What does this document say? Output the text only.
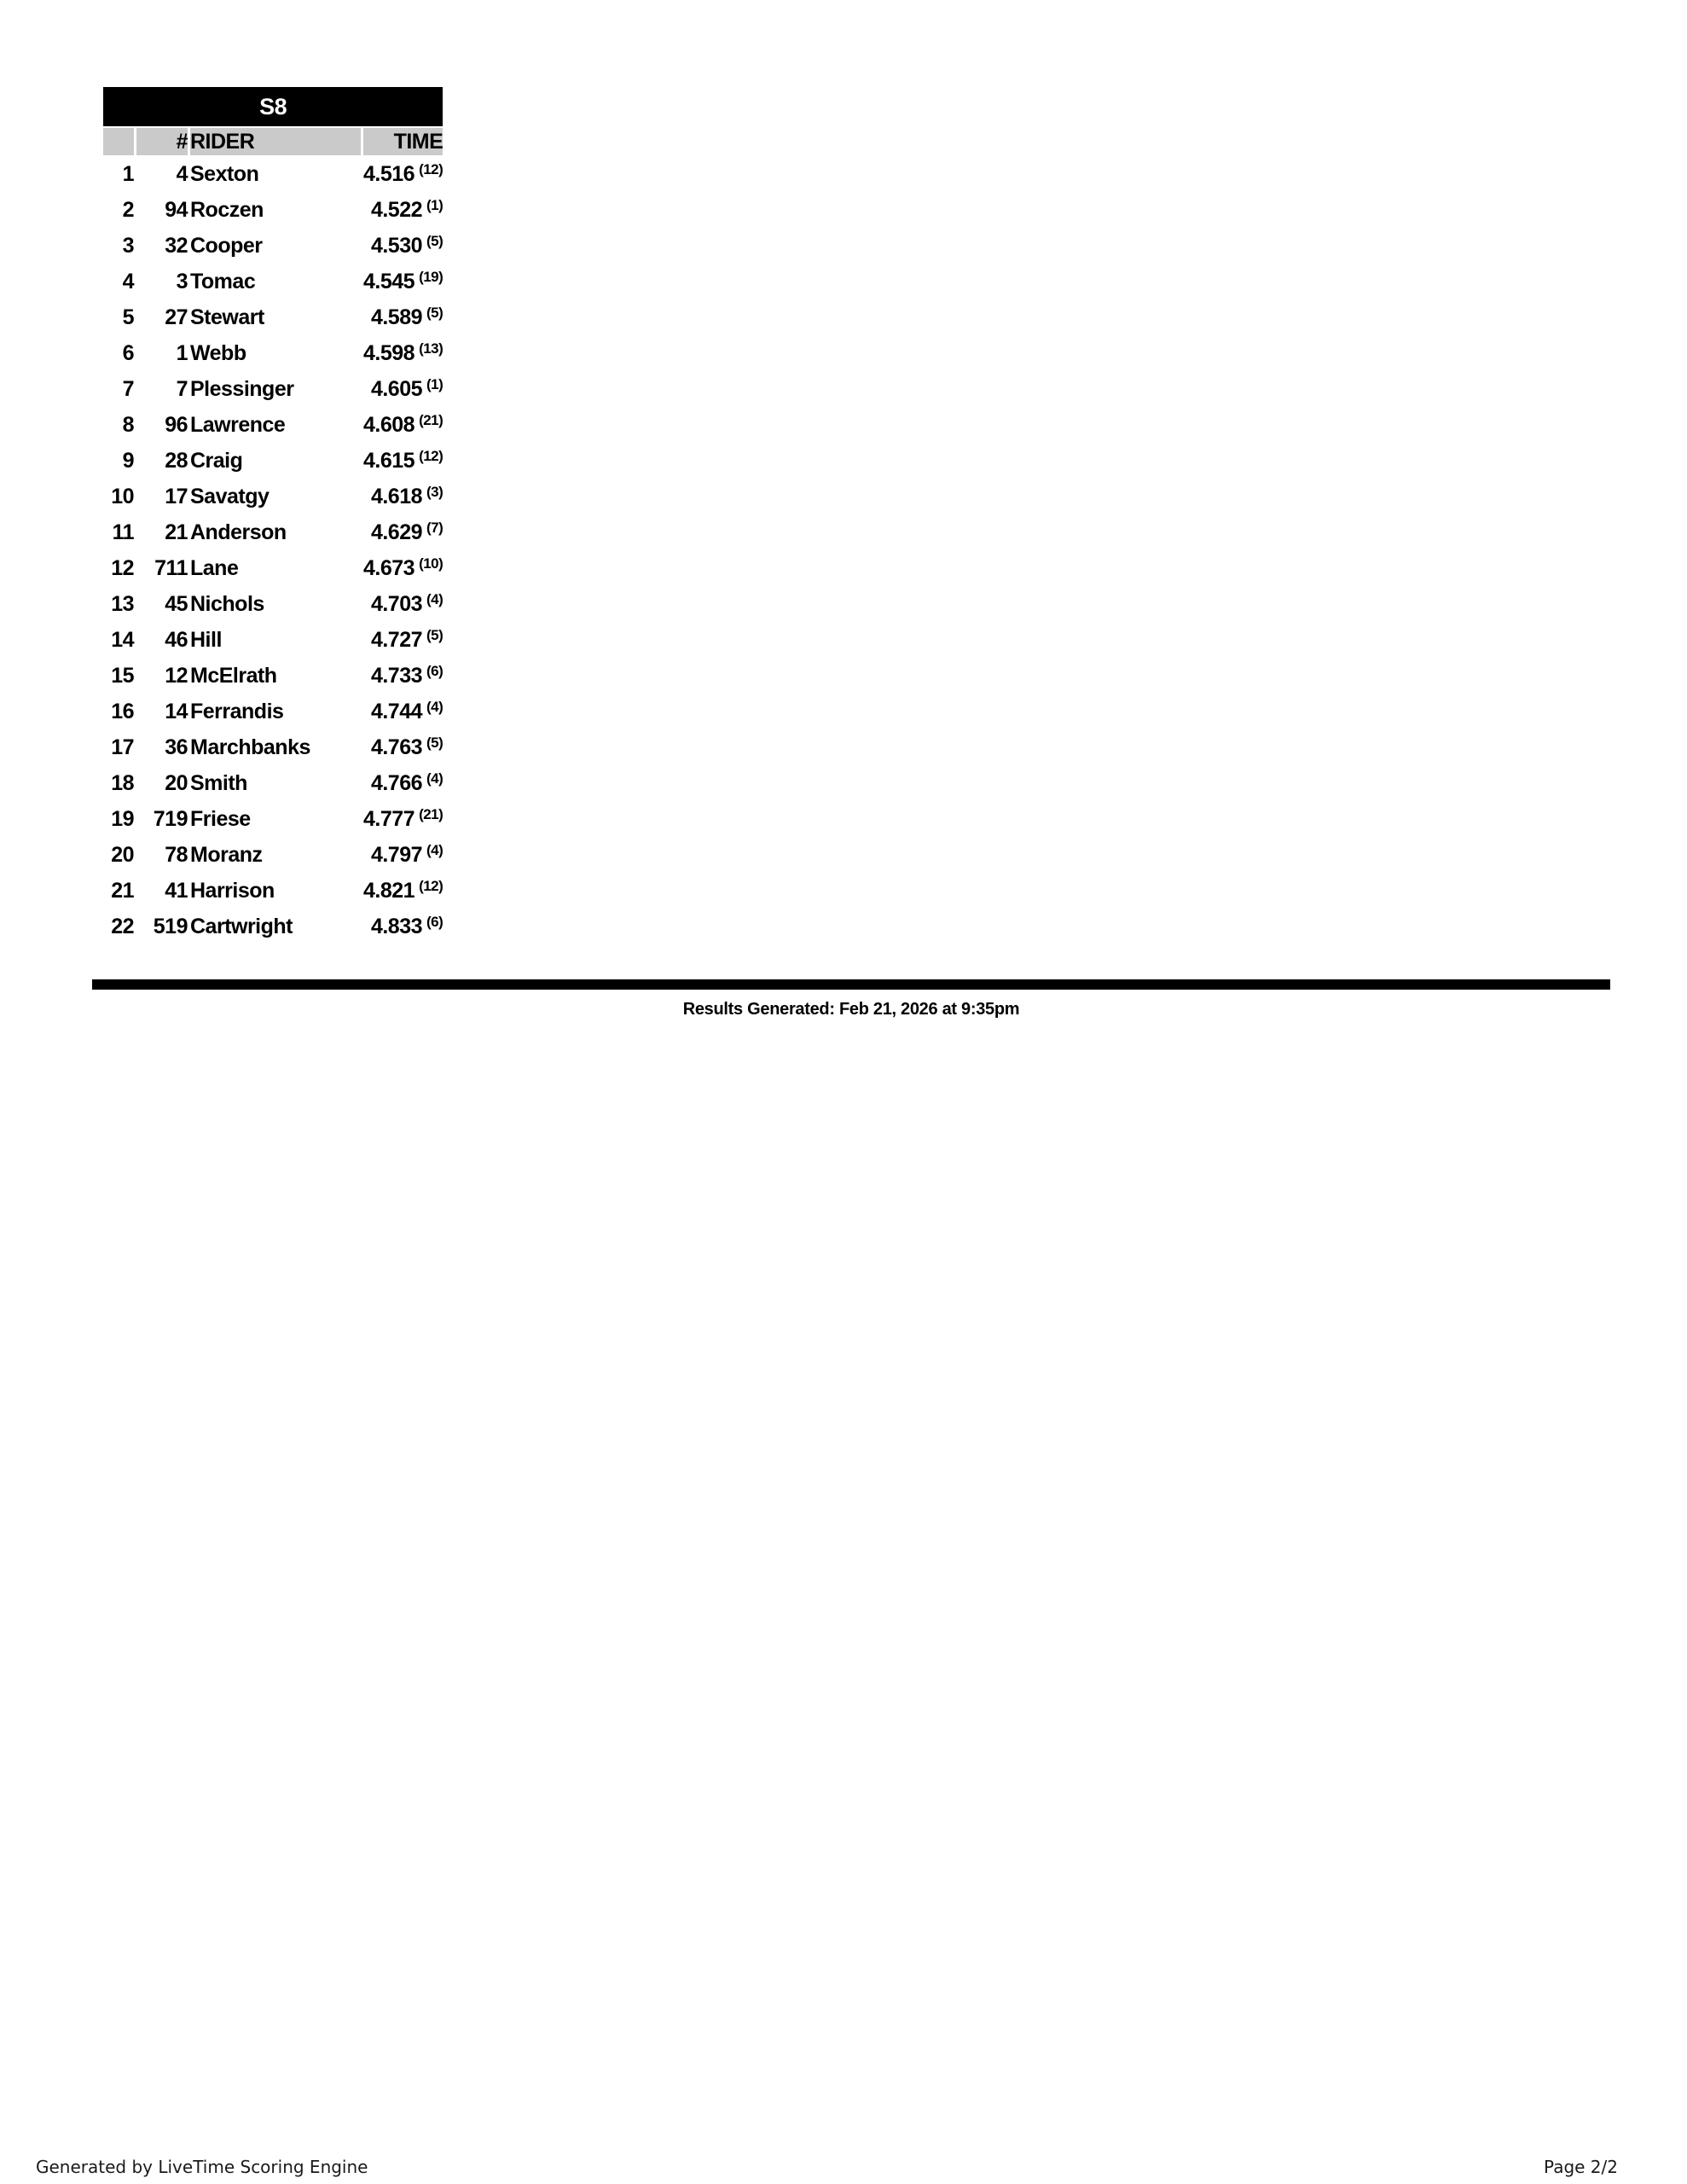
S8			
	#	RIDER	TIME
1	4	Sexton	4.516 $^{(12)}$
2	94	Roczen	4.522 $^{(1)}$
3	32	Cooper	4.530 $^{(5)}$
4	3	Tomac	4.545 $^{(19)}$
5	27	Stewart	4.589 $^{(5)}$
6	1	Webb	4.598 $^{(13)}$
7	7	Plessinger	4.605 $^{(1)}$
8	96	Lawrence	4.608 $^{(21)}$
9	28	Craig	4.615 $^{(12)}$
10	17	Savatgy	4.618 $^{(3)}$
11	21	Anderson	4.629 $^{(7)}$
12	711	Lane	4.673 $^{(10)}$
13	45	Nichols	4.703 $^{(4)}$
14	46	Hill	4.727 $^{(5)}$
15	12	McElrath	4.733 $^{(6)}$
16	14	Ferrandis	4.744 $^{(4)}$
17	36	Marchbanks	4.763 $^{(5)}$
18	20	Smith	4.766 $^{(4)}$
19	719	Friese	4.777 $^{(21)}$
20	78	Moranz	4.797 $^{(4)}$
21	41	Harrison	4.821 $^{(12)}$
22	519	Cartwright	4.833 $^{(6)}$
Results Generated: Feb 21, 2026 at 9:35pm
Generated by LiveTime Scoring Engine	Page 2/2
